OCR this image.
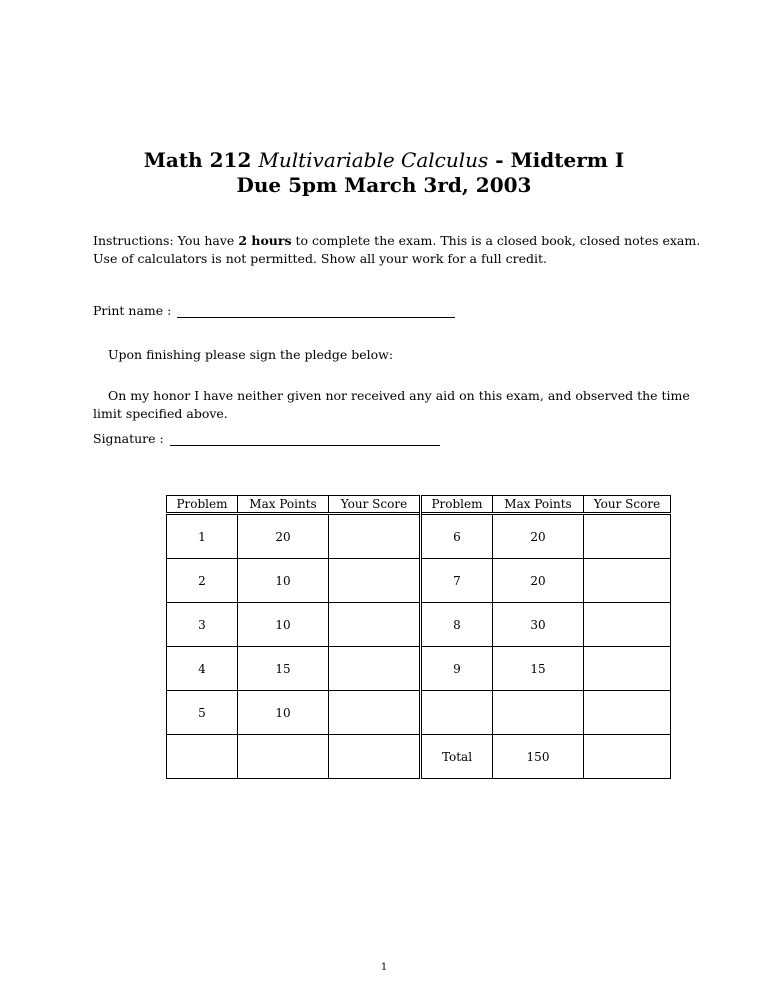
Math 212 Multivariable Calculus - Midterm I
Due 5pm March 3rd, 2003
Instructions: You have 2 hours to complete the exam. This is a closed book, closed notes exam. Use of calculators is not permitted. Show all your work for a full credit.
Print name :
Upon finishing please sign the pledge below:
On my honor I have neither given nor received any aid on this exam, and observed the time limit specified above.
Signature :
Problem	Max Points	Your Score	Problem	Max Points	Your Score
1	20		6	20	
2	10		7	20	
3	10		8	30	
4	15		9	15	
5	10				
			Total	150	
1
